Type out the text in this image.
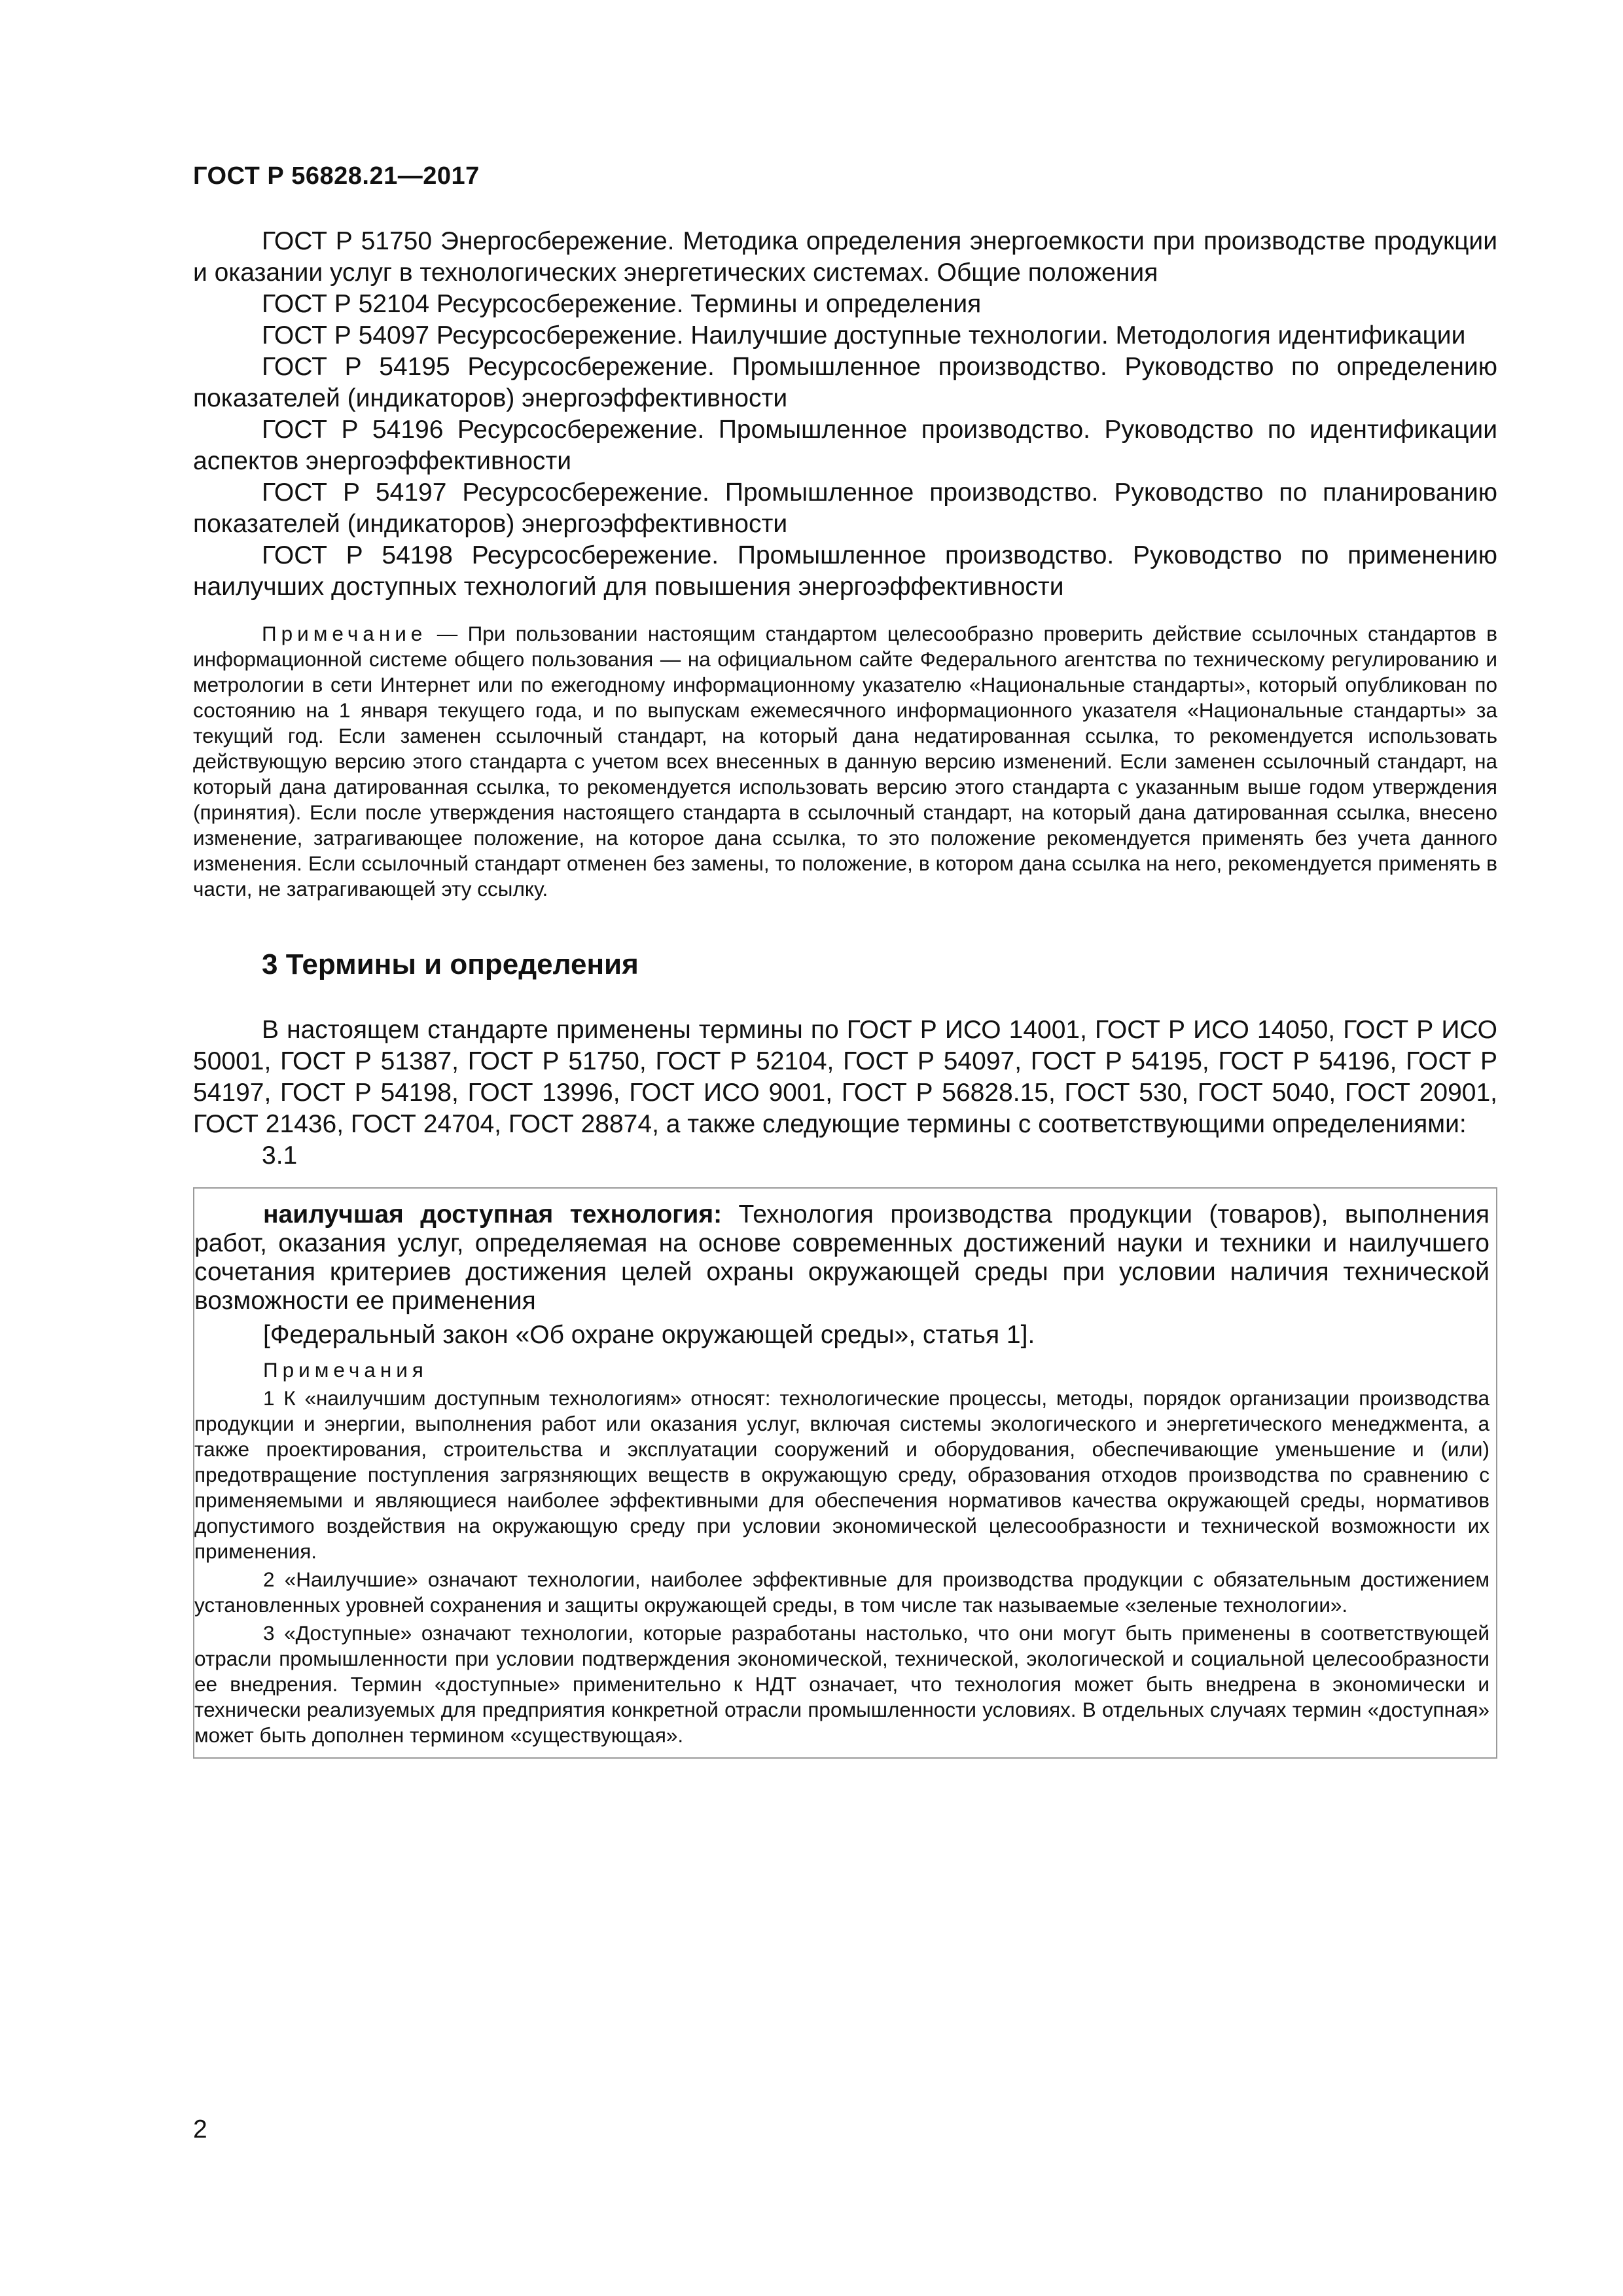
ГОСТ Р 56828.21—2017

ГОСТ Р 51750 Энергосбережение. Методика определения энергоемкости при производстве продукции и оказании услуг в технологических энергетических системах. Общие положения

ГОСТ Р 52104 Ресурсосбережение. Термины и определения

ГОСТ Р 54097 Ресурсосбережение. Наилучшие доступные технологии. Методология идентификации

ГОСТ Р 54195 Ресурсосбережение. Промышленное производство. Руководство по определению показателей (индикаторов) энергоэффективности

ГОСТ Р 54196 Ресурсосбережение. Промышленное производство. Руководство по идентификации аспектов энергоэффективности

ГОСТ Р 54197 Ресурсосбережение. Промышленное производство. Руководство по планированию показателей (индикаторов) энергоэффективности

ГОСТ Р 54198 Ресурсосбережение. Промышленное производство. Руководство по применению наилучших доступных технологий для повышения энергоэффективности

Примечание — При пользовании настоящим стандартом целесообразно проверить действие ссылочных стандартов в информационной системе общего пользования — на официальном сайте Федерального агентства по техническому регулированию и метрологии в сети Интернет или по ежегодному информационному указателю «Национальные стандарты», который опубликован по состоянию на 1 января текущего года, и по выпускам ежемесячного информационного указателя «Национальные стандарты» за текущий год. Если заменен ссылочный стандарт, на который дана недатированная ссылка, то рекомендуется использовать действующую версию этого стандарта с учетом всех внесенных в данную версию изменений. Если заменен ссылочный стандарт, на который дана датированная ссылка, то рекомендуется использовать версию этого стандарта с указанным выше годом утверждения (принятия). Если после утверждения настоящего стандарта в ссылочный стандарт, на который дана датированная ссылка, внесено изменение, затрагивающее положение, на которое дана ссылка, то это положение рекомендуется применять без учета данного изменения. Если ссылочный стандарт отменен без замены, то положение, в котором дана ссылка на него, рекомендуется применять в части, не затрагивающей эту ссылку.

3 Термины и определения

В настоящем стандарте применены термины по ГОСТ Р ИСО 14001, ГОСТ Р ИСО 14050, ГОСТ Р ИСО 50001, ГОСТ Р 51387, ГОСТ Р 51750, ГОСТ Р 52104, ГОСТ Р 54097, ГОСТ Р 54195, ГОСТ Р 54196, ГОСТ Р 54197, ГОСТ Р 54198, ГОСТ 13996, ГОСТ ИСО 9001, ГОСТ Р 56828.15, ГОСТ 530, ГОСТ 5040, ГОСТ 20901, ГОСТ 21436, ГОСТ 24704, ГОСТ 28874, а также следующие термины с соответствующими определениями:

3.1

наилучшая доступная технология: Технология производства продукции (товаров), выполнения работ, оказания услуг, определяемая на основе современных достижений науки и техники и наилучшего сочетания критериев достижения целей охраны окружающей среды при условии наличия технической возможности ее применения

[Федеральный закон «Об охране окружающей среды», статья 1].

Примечания

1 К «наилучшим доступным технологиям» относят: технологические процессы, методы, порядок организации производства продукции и энергии, выполнения работ или оказания услуг, включая системы экологического и энергетического менеджмента, а также проектирования, строительства и эксплуатации сооружений и оборудования, обеспечивающие уменьшение и (или) предотвращение поступления загрязняющих веществ в окружающую среду, образования отходов производства по сравнению с применяемыми и являющиеся наиболее эффективными для обеспечения нормативов качества окружающей среды, нормативов допустимого воздействия на окружающую среду при условии экономической целесообразности и технической возможности их применения.

2 «Наилучшие» означают технологии, наиболее эффективные для производства продукции с обязательным достижением установленных уровней сохранения и защиты окружающей среды, в том числе так называемые «зеленые технологии».

3 «Доступные» означают технологии, которые разработаны настолько, что они могут быть применены в соответствующей отрасли промышленности при условии подтверждения экономической, технической, экологической и социальной целесообразности ее внедрения. Термин «доступные» применительно к НДТ означает, что технология может быть внедрена в экономически и технически реализуемых для предприятия конкретной отрасли промышленности условиях. В отдельных случаях термин «доступная» может быть дополнен термином «существующая».

2
